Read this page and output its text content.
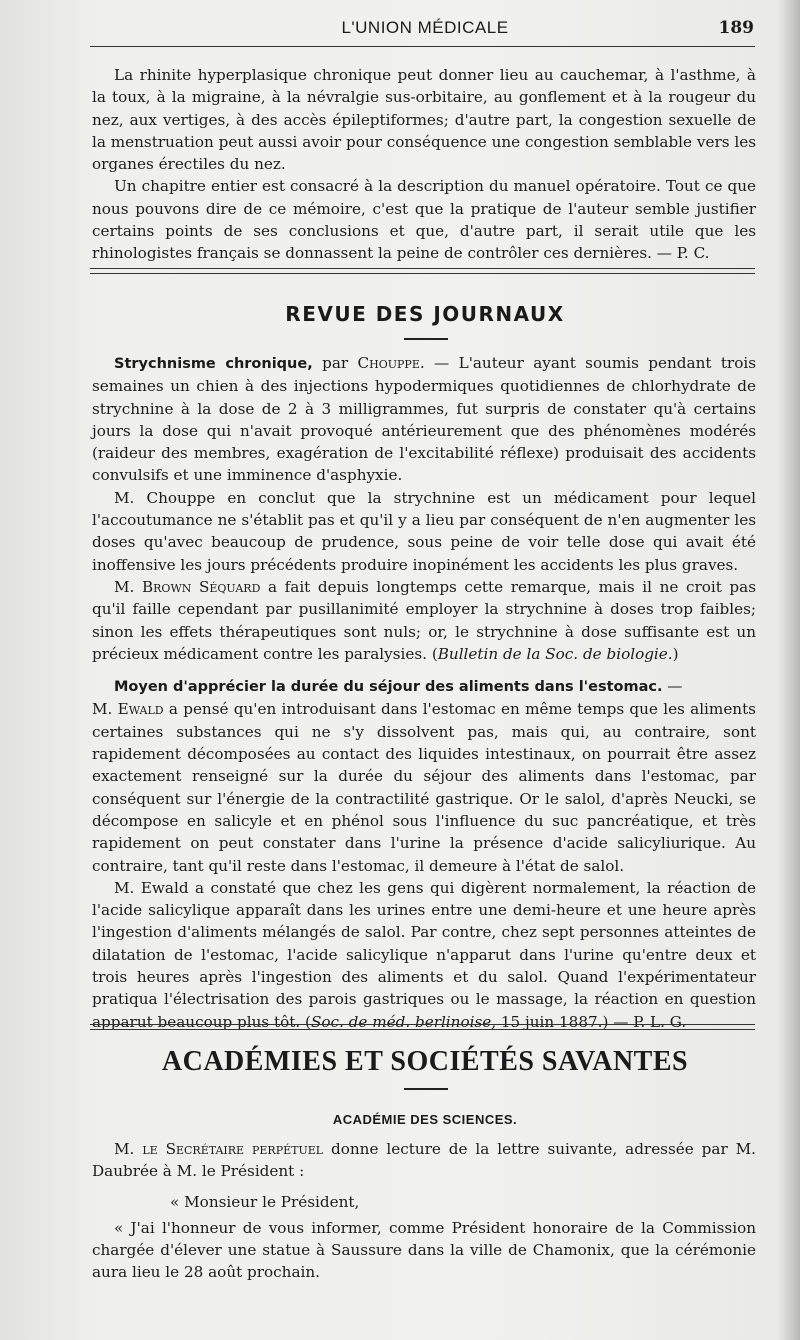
L'UNION MÉDICALE	189

La rhinite hyperplasique chronique peut donner lieu au cauchemar, à l'asthme, à la toux, à la migraine, à la névralgie sus-orbitaire, au gonflement et à la rougeur du nez, aux vertiges, à des accès épileptiformes; d'autre part, la congestion sexuelle de la menstruation peut aussi avoir pour conséquence une congestion semblable vers les organes érectiles du nez.

Un chapitre entier est consacré à la description du manuel opératoire. Tout ce que nous pouvons dire de ce mémoire, c'est que la pratique de l'auteur semble justifier certains points de ses conclusions et que, d'autre part, il serait utile que les rhinologistes français se donnassent la peine de contrôler ces dernières. — P. C.

REVUE DES JOURNAUX

Strychnisme chronique, par Chouppe. — L'auteur ayant soumis pendant trois semaines un chien à des injections hypodermiques quotidiennes de chlorhydrate de strychnine à la dose de 2 à 3 milligrammes, fut surpris de constater qu'à certains jours la dose qui n'avait provoqué antérieurement que des phénomènes modérés (raideur des membres, exagération de l'excitabilité réflexe) produisait des accidents convulsifs et une imminence d'asphyxie.

M. Chouppe en conclut que la strychnine est un médicament pour lequel l'accoutumance ne s'établit pas et qu'il y a lieu par conséquent de n'en augmenter les doses qu'avec beaucoup de prudence, sous peine de voir telle dose qui avait été inoffensive les jours précédents produire inopinément les accidents les plus graves.

M. Brown Séquard a fait depuis longtemps cette remarque, mais il ne croit pas qu'il faille cependant par pusillanimité employer la strychnine à doses trop faibles; sinon les effets thérapeutiques sont nuls; or, le strychnine à dose suffisante est un précieux médicament contre les paralysies. (Bulletin de la Soc. de biologie.)

Moyen d'apprécier la durée du séjour des aliments dans l'estomac. —

M. Ewald a pensé qu'en introduisant dans l'estomac en même temps que les aliments certaines substances qui ne s'y dissolvent pas, mais qui, au contraire, sont rapidement décomposées au contact des liquides intestinaux, on pourrait être assez exactement renseigné sur la durée du séjour des aliments dans l'estomac, par conséquent sur l'énergie de la contractilité gastrique. Or le salol, d'après Neucki, se décompose en salicyle et en phénol sous l'influence du suc pancréatique, et très rapidement on peut constater dans l'urine la présence d'acide salicyliurique. Au contraire, tant qu'il reste dans l'estomac, il demeure à l'état de salol.

M. Ewald a constaté que chez les gens qui digèrent normalement, la réaction de l'acide salicylique apparaît dans les urines entre une demi-heure et une heure après l'ingestion d'aliments mélangés de salol. Par contre, chez sept personnes atteintes de dilatation de l'estomac, l'acide salicylique n'apparut dans l'urine qu'entre deux et trois heures après l'ingestion des aliments et du salol. Quand l'expérimentateur pratiqua l'électrisation des parois gastriques ou le massage, la réaction en question apparut beaucoup plus tôt. (Soc. de méd. berlinoise, 15 juin 1887.) — P. L. G.

ACADÉMIES ET SOCIÉTÉS SAVANTES
ACADÉMIE DES SCIENCES.

M. le Secrétaire perpétuel donne lecture de la lettre suivante, adressée par M. Daubrée à M. le Président :

« Monsieur le Président,

« J'ai l'honneur de vous informer, comme Président honoraire de la Commission chargée d'élever une statue à Saussure dans la ville de Chamonix, que la cérémonie aura lieu le 28 août prochain.
